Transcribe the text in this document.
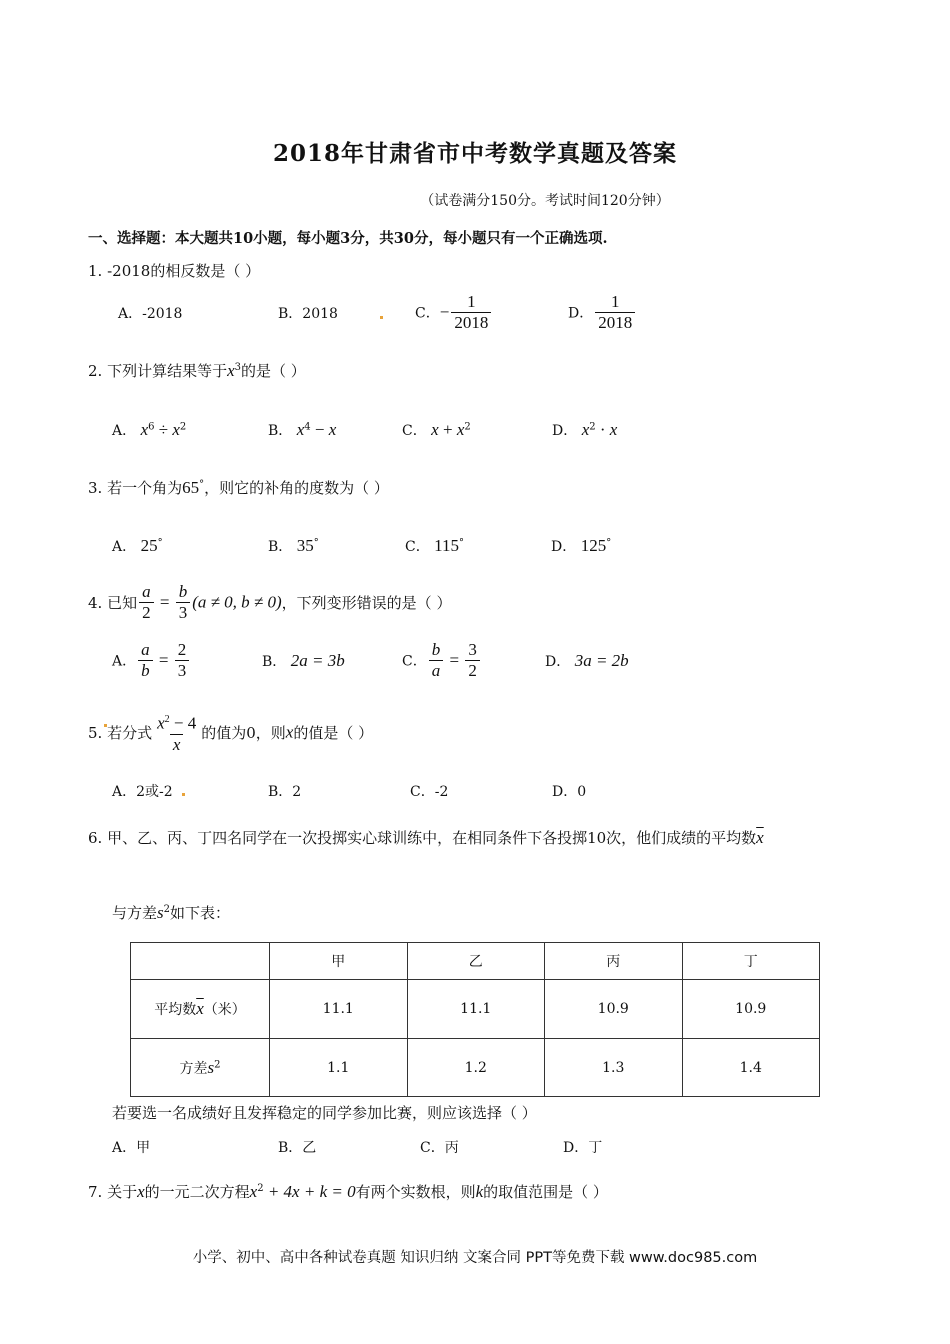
2018年甘肃省市中考数学真题及答案
（试卷满分150分。考试时间120分钟）
一、选择题：本大题共10小题，每小题3分，共30分，每小题只有一个正确选项.
1. -2018的相反数是（ ）
A．-2018	B．2018	C．− $\frac{1}{2018}$	D． $\frac{1}{2018}$
2. 下列计算结果等于$x^3$的是（ ）
A． $x^6 \div x^2$	B． $x^4 - x$	C． $x + x^2$	D． $x^2 \cdot x$
3. 若一个角为65°，则它的补角的度数为（ ）
A． 25°	B． 35°	C． 115°	D． 125°
4. 已知 $\frac{a}{2} = \frac{b}{3} (a \ne 0$, b ≠ 0)，下列变形错误的是（ ）
A． $\frac{a}{b} = \frac{2}{3}$	B． 2a = 3b	C． $\frac{b}{a} = \frac{3}{2}$	D． 3a = 2b
5. 若分式 $\frac{x^2 - 4}{x}$ 的值为0，则x的值是（ ）
A．2或-2	B．2	C．-2	D．0
6. 甲、乙、丙、丁四名同学在一次投掷实心球训练中，在相同条件下各投掷10次，他们成绩的平均数$\overline{x}$
与方差$s^2$如下表：
	甲	乙	丙	丁
平均数$\overline{x}$（米）	11.1	11.1	10.9	10.9
方差$s^2$	1.1	1.2	1.3	1.4
若要选一名成绩好且发挥稳定的同学参加比赛，则应该选择（ ）
A．甲	B．乙	C．丙	D．丁
7. 关于x的一元二次方程$x^2 + 4x + k = 0$有两个实数根，则k的取值范围是（ ）
小学、初中、高中各种试卷真题 知识归纳 文案合同 PPT等免费下载 www.doc985.com
